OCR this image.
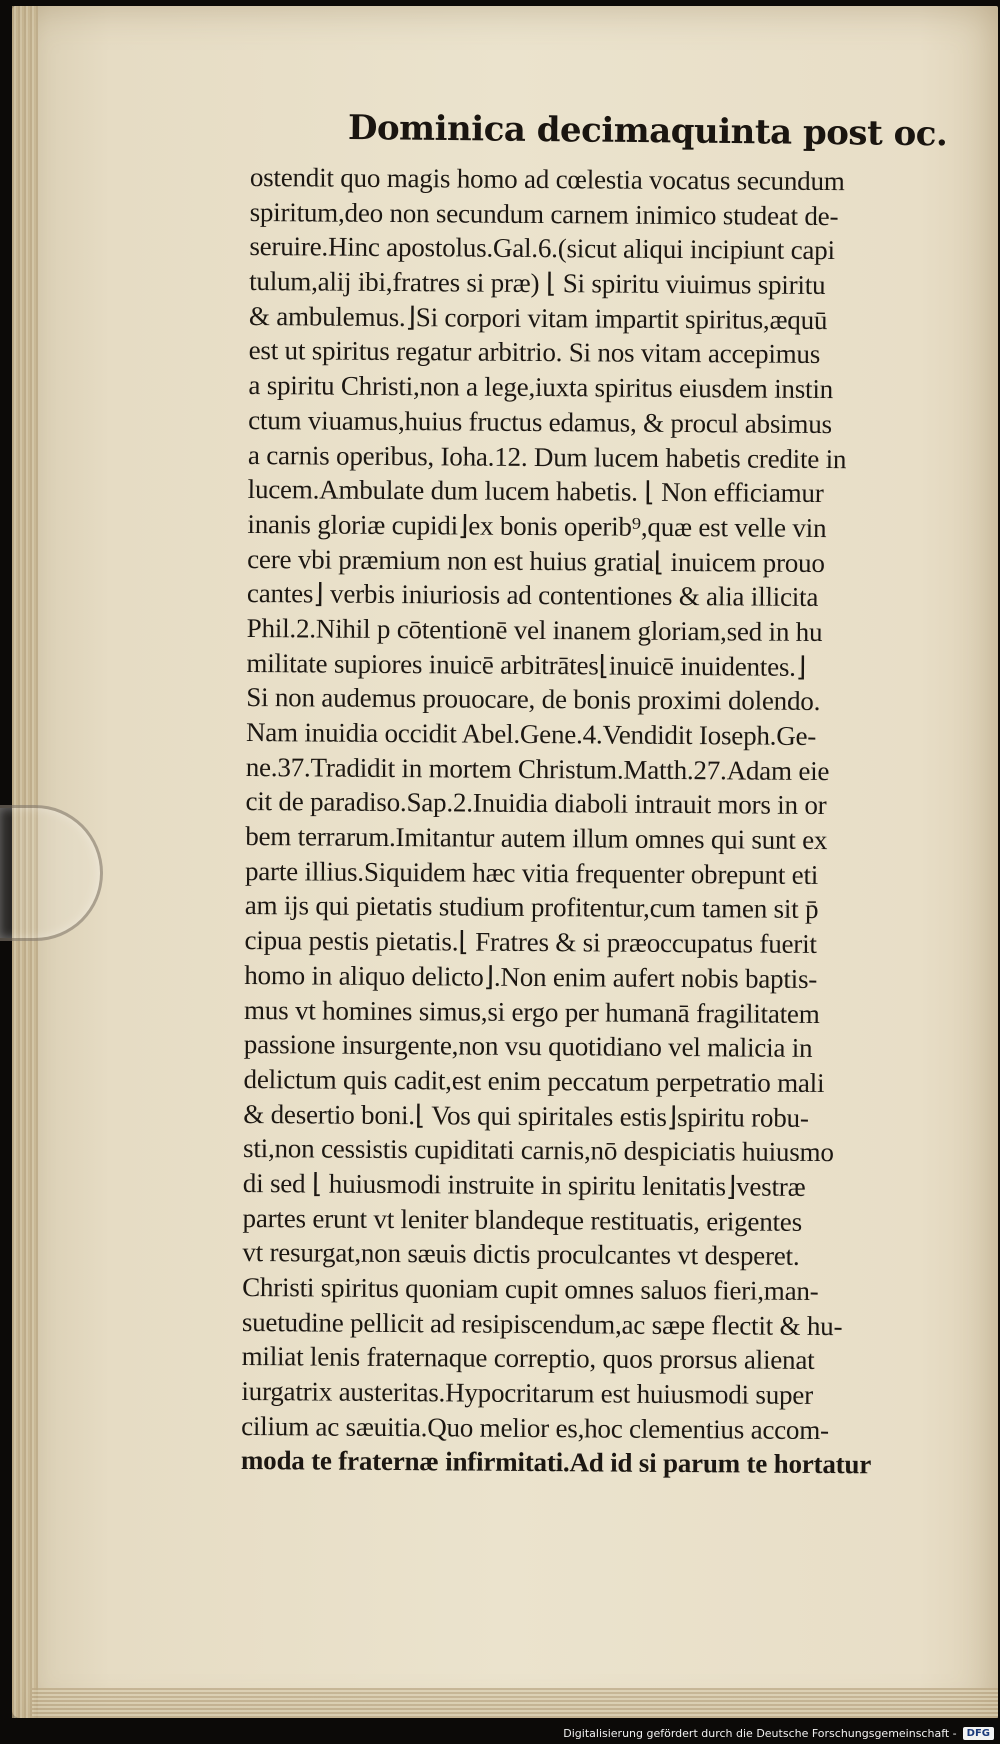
Dominica decimaquinta post oc.
ostendit quo magis homo ad cœlestia vocatus secundum
spiritum,deo non secundum carnem inimico studeat de-
seruire.Hinc apostolus.Gal.6.(sicut aliqui incipiunt capi
tulum,alij ibi,fratres si præ) ⌊ Si spiritu viuimus spiritu
& ambulemus.⌋Si corpori vitam impartit spiritus,æquū
est ut spiritus regatur arbitrio. Si nos vitam accepimus
a spiritu Christi,non a lege,iuxta spiritus eiusdem instin
ctum viuamus,huius fructus edamus, & procul absimus
a carnis operibus, Ioha.12. Dum lucem habetis credite in
lucem.Ambulate dum lucem habetis. ⌊ Non efficiamur
inanis gloriæ cupidi⌋ex bonis operib⁹,quæ est velle vin
cere vbi præmium non est huius gratia⌊ inuicem prouo
cantes⌋ verbis iniuriosis ad contentiones & alia illicita
Phil.2.Nihil p cōtentionē vel inanem gloriam,sed in hu
militate supiores inuicē arbitrātes⌊inuicē inuidentes.⌋
Si non audemus prouocare, de bonis proximi dolendo.
Nam inuidia occidit Abel.Gene.4.Vendidit Ioseph.Ge-
ne.37.Tradidit in mortem Christum.Matth.27.Adam eie
cit de paradiso.Sap.2.Inuidia diaboli intrauit mors in or
bem terrarum.Imitantur autem illum omnes qui sunt ex
parte illius.Siquidem hæc vitia frequenter obrepunt eti
am ijs qui pietatis studium profitentur,cum tamen sit p̄
cipua pestis pietatis.⌊ Fratres & si præoccupatus fuerit
homo in aliquo delicto⌋.Non enim aufert nobis baptis-
mus vt homines simus,si ergo per humanā fragilitatem
passione insurgente,non vsu quotidiano vel malicia in
delictum quis cadit,est enim peccatum perpetratio mali
& desertio boni.⌊ Vos qui spiritales estis⌋spiritu robu-
sti,non cessistis cupiditati carnis,nō despiciatis huiusmo
di sed ⌊ huiusmodi instruite in spiritu lenitatis⌋vestræ
partes erunt vt leniter blandeque restituatis, erigentes
vt resurgat,non sæuis dictis proculcantes vt desperet.
Christi spiritus quoniam cupit omnes saluos fieri,man-
suetudine pellicit ad resipiscendum,ac sæpe flectit & hu-
miliat lenis fraternaque correptio, quos prorsus alienat
iurgatrix austeritas.Hypocritarum est huiusmodi super
cilium ac sæuitia.Quo melior es,hoc clementius accom-
moda te fraternæ infirmitati.Ad id si parum te hortatur
Digitalisierung gefördert durch die Deutsche Forschungsgemeinschaft -	DFG
